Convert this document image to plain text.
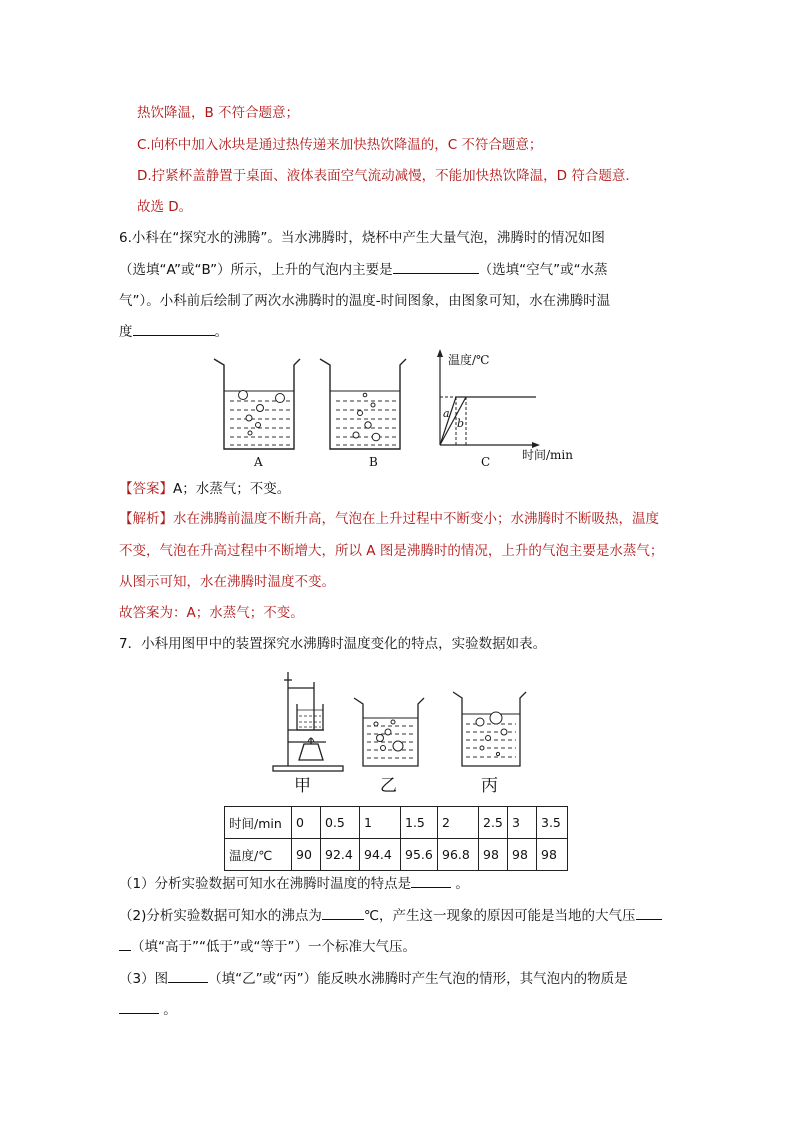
热饮降温，B 不符合题意；
C.向杯中加入冰块是通过热传递来加快热饮降温的，C 不符合题意；
D.拧紧杯盖静置于桌面、液体表面空气流动减慢，不能加快热饮降温，D 符合题意.
故选 D。
6.小科在“探究水的沸腾”。当水沸腾时，烧杯中产生大量气泡，沸腾时的情况如图
（选填“A”或“B”）所示，上升的气泡内主要是	（选填“空气”或“水蒸
气”）。小科前后绘制了两次水沸腾时的温度-时间图象，由图象可知，水在沸腾时温
度	。
A	B
a
b
温度/℃
时间/min
C
【答案】A；水蒸气；不变。
【解析】水在沸腾前温度不断升高，气泡在上升过程中不断变小；水沸腾时不断吸热，温度
不变，气泡在升高过程中不断增大，所以 A 图是沸腾时的情况，上升的气泡主要是水蒸气；
从图示可知，水在沸腾时温度不变。
故答案为：A；水蒸气；不变。
7．小科用图甲中的装置探究水沸腾时温度变化的特点，实验数据如表。
甲	乙	丙
时间/min	0	0.5	1	1.5	2	2.5	3	3.5
温度/℃	90	92.4	94.4	95.6	96.8	98	98	98
（1）分析实验数据可知水在沸腾时温度的特点是	。
（2)分析实验数据可知水的沸点为	℃，产生这一现象的原因可能是当地的大气压
（填“高于”“低于”或“等于”）一个标准大气压。
（3）图	（填“乙”或“丙”）能反映水沸腾时产生气泡的情形，其气泡内的物质是
。
